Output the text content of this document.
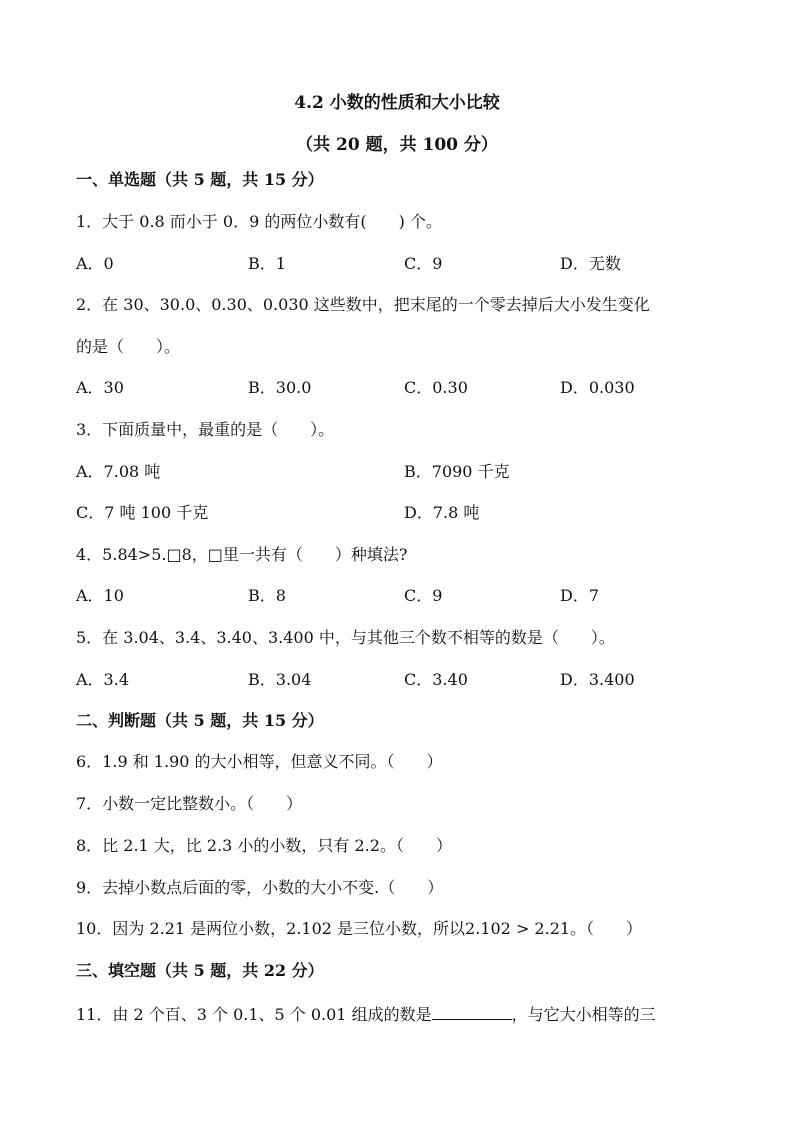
4.2 小数的性质和大小比较
（共 20 题，共 100 分）
一、单选题（共 5 题，共 15 分）
1．大于 0.8 而小于 0．9 的两位小数有(　　) 个。
A．0	B．1	C．9	D．无数
2．在 30、30.0、0.30、0.030 这些数中，把末尾的一个零去掉后大小发生变化
的是（　　）。
A．30	B．30.0	C．0.30	D．0.030
3．下面质量中，最重的是（　　）。
A．7.08 吨	B．7090 千克
C．7 吨 100 千克	D．7.8 吨
4．5.84>5.□8，□里一共有（　　）种填法?
A．10	B．8	C．9	D．7
5．在 3.04、3.4、3.40、3.400 中，与其他三个数不相等的数是（　　）。
A．3.4	B．3.04	C．3.40	D．3.400
二、判断题（共 5 题，共 15 分）
6．1.9 和 1.90 的大小相等，但意义不同。（　　）
7．小数一定比整数小。（　　）
8．比 2.1 大，比 2.3 小的小数，只有 2.2。（　　）
9．去掉小数点后面的零，小数的大小不变.（　　）
10．因为 2.21 是两位小数，2.102 是三位小数，所以2.102 > 2.21。（　　）
三、填空题（共 5 题，共 22 分）
11．由 2 个百、3 个 0.1、5 个 0.01 组成的数是	，与它大小相等的三
